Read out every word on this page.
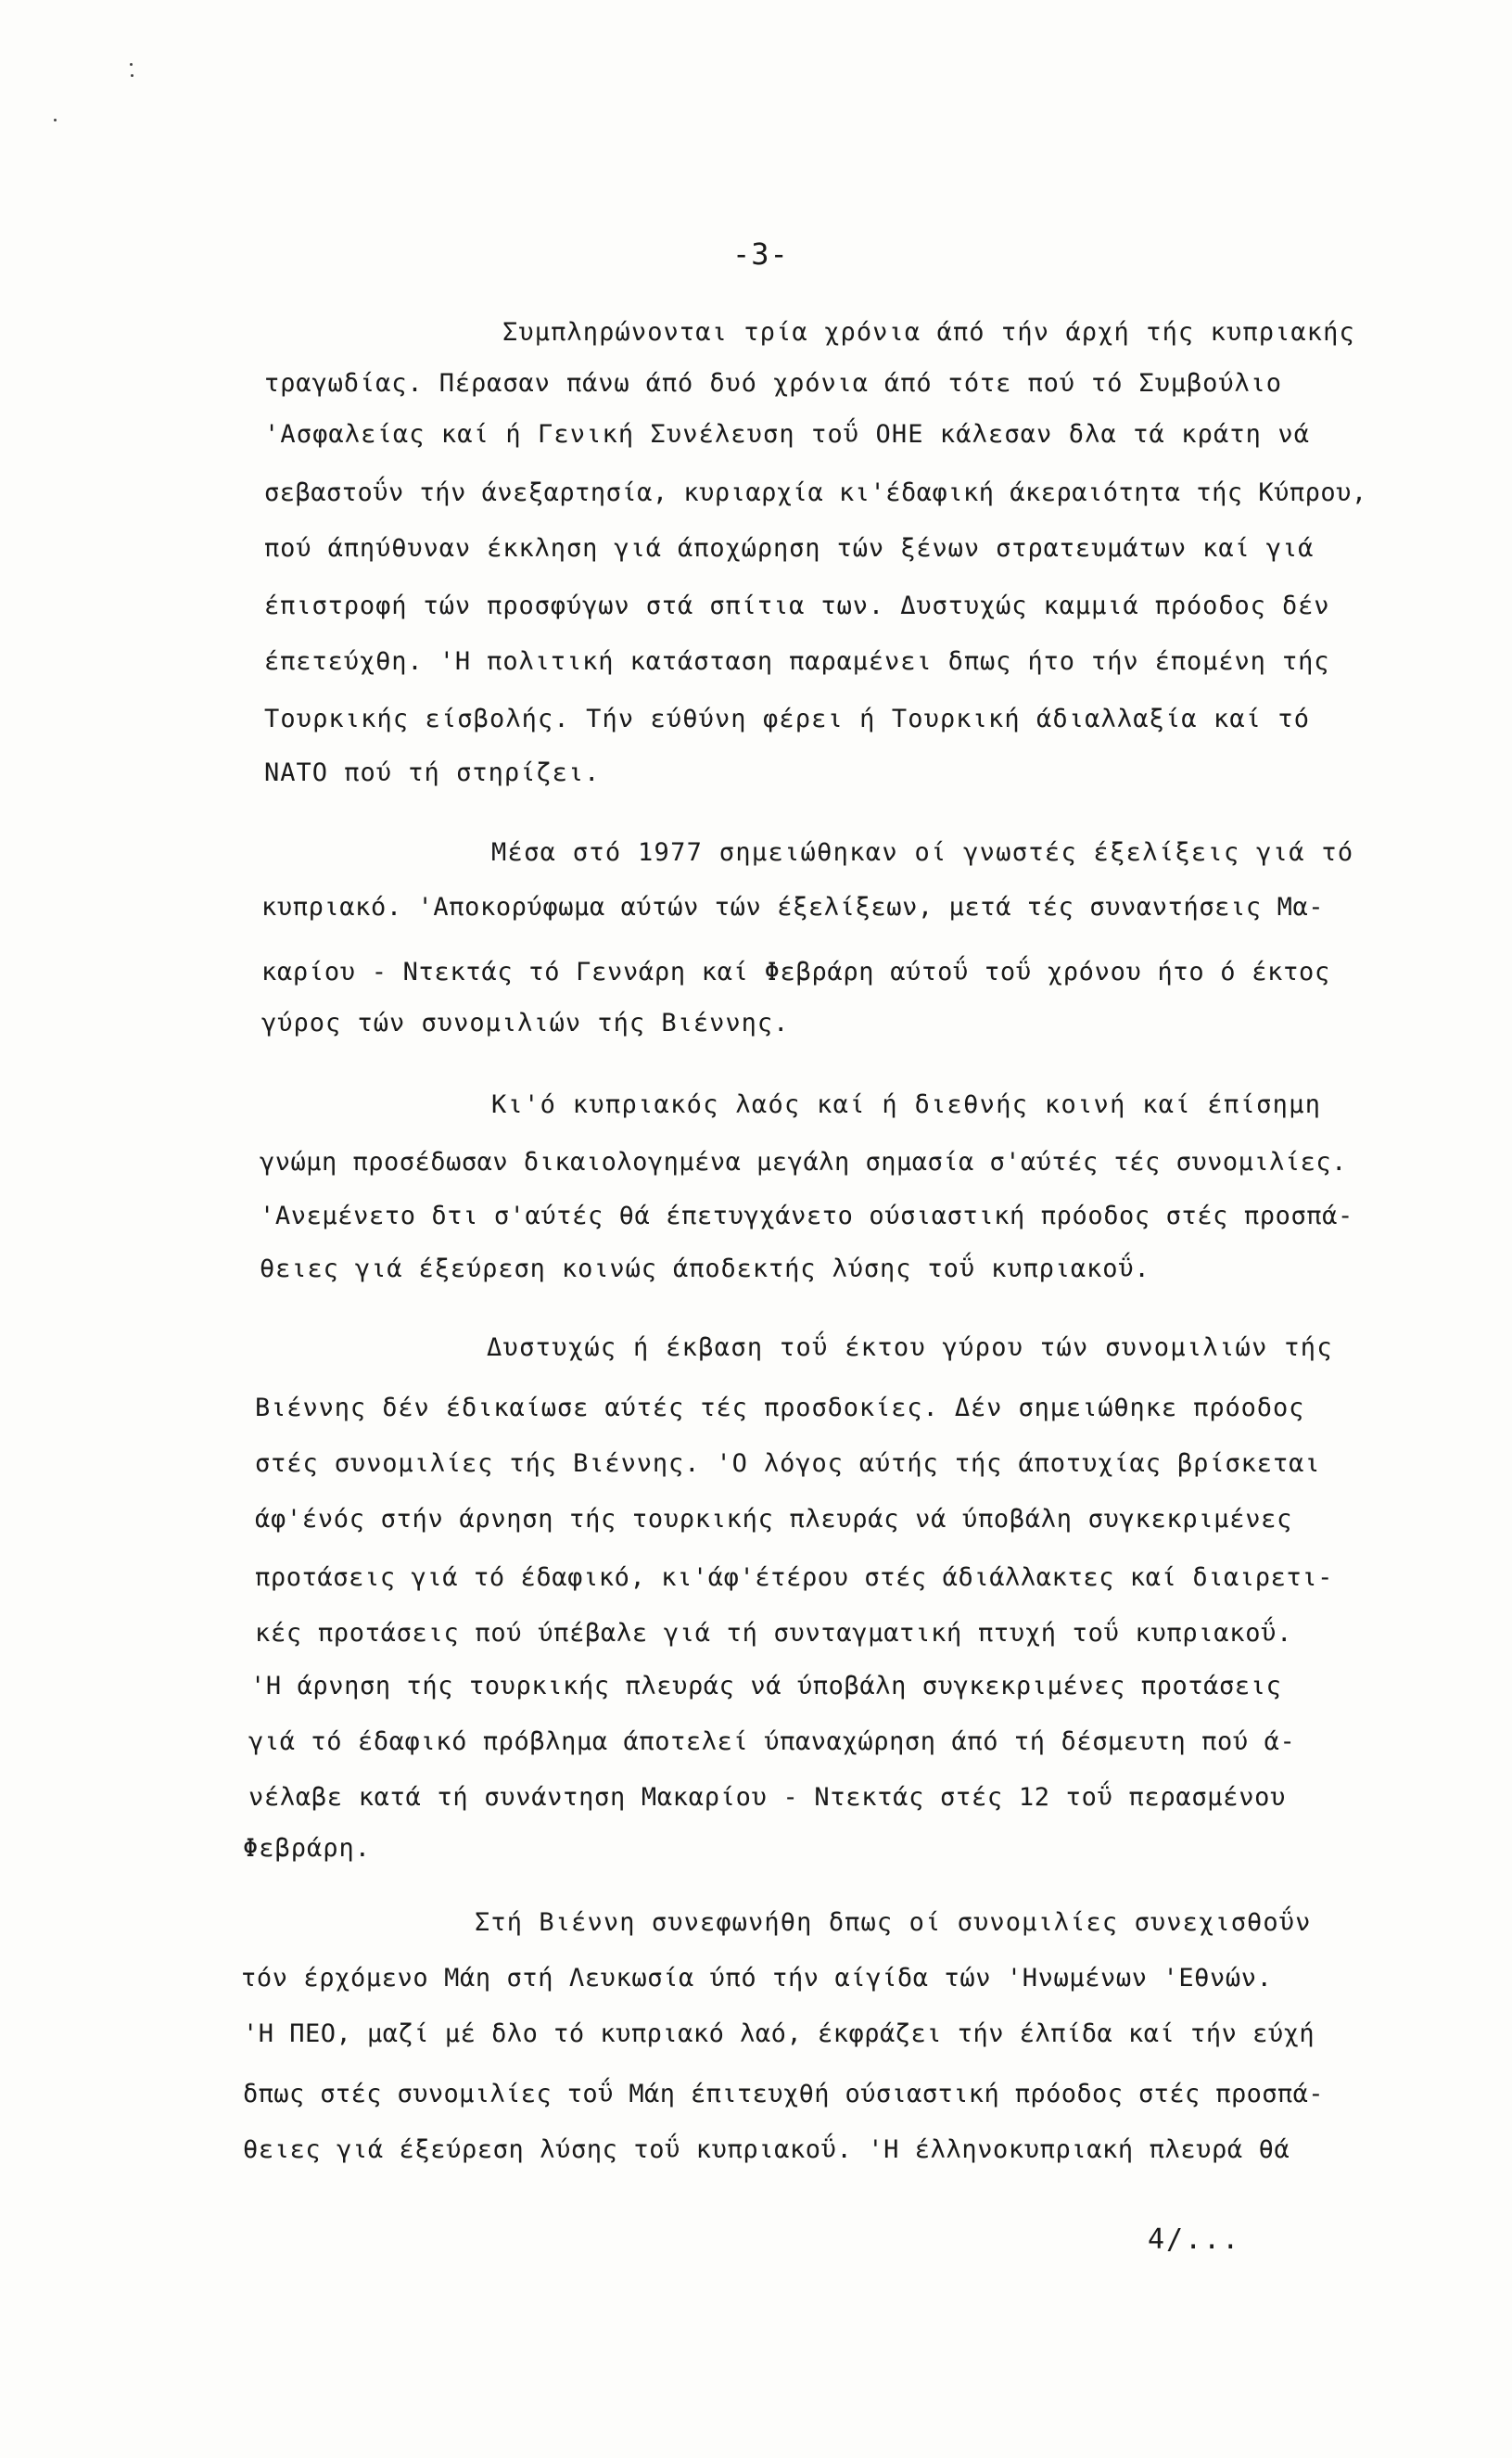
-3-
Συμπληρώνονται τρία χρόνια άπό τήν άρχή τής κυπριακής
τραγωδίας. Πέρασαν πάνω άπό δυό χρόνια άπό τότε πού τό Συμβούλιο
'Ασφαλείας καί ή Γενική Συνέλευση τοΰ ΟΗΕ κάλεσαν δλα τά κράτη νά
σεβαστοΰν τήν άνεξαρτησία, κυριαρχία κι'έδαφική άκεραιότητα τής Κύπρου,
πού άπηύθυναν έκκληση γιά άποχώρηση τών ξένων στρατευμάτων καί γιά
έπιστροφή τών προσφύγων στά σπίτια των. Δυστυχώς καμμιά πρόοδος δέν
έπετεύχθη. 'Η πολιτική κατάσταση παραμένει δπως ήτο τήν έπομένη τής
Τουρκικής είσβολής. Τήν εύθύνη φέρει ή Τουρκική άδιαλλαξία καί τό
ΝΑΤΟ πού τή στηρίζει.
Μέσα στό 1977 σημειώθηκαν οί γνωστές έξελίξεις γιά τό
κυπριακό. 'Αποκορύφωμα αύτών τών έξελίξεων, μετά τές συναντήσεις Μα-
καρίου - Ντεκτάς τό Γεννάρη καί Φεβράρη αύτοΰ τοΰ χρόνου ήτο ό έκτος
γύρος τών συνομιλιών τής Βιέννης.
Κι'ό κυπριακός λαός καί ή διεθνής κοινή καί έπίσημη
γνώμη προσέδωσαν δικαιολογημένα μεγάλη σημασία σ'αύτές τές συνομιλίες.
'Ανεμένετο δτι σ'αύτές θά έπετυγχάνετο ούσιαστική πρόοδος στές προσπά-
θειες γιά έξεύρεση κοινώς άποδεκτής λύσης τοΰ κυπριακοΰ.
Δυστυχώς ή έκβαση τοΰ έκτου γύρου τών συνομιλιών τής
Βιέννης δέν έδικαίωσε αύτές τές προσδοκίες. Δέν σημειώθηκε πρόοδος
στές συνομιλίες τής Βιέννης. 'Ο λόγος αύτής τής άποτυχίας βρίσκεται
άφ'ένός στήν άρνηση τής τουρκικής πλευράς νά ύποβάλη συγκεκριμένες
προτάσεις γιά τό έδαφικό, κι'άφ'έτέρου στές άδιάλλακτες καί διαιρετι-
κές προτάσεις πού ύπέβαλε γιά τή συνταγματική πτυχή τοΰ κυπριακοΰ.
'Η άρνηση τής τουρκικής πλευράς νά ύποβάλη συγκεκριμένες προτάσεις
γιά τό έδαφικό πρόβλημα άποτελεί ύπαναχώρηση άπό τή δέσμευτη πού ά-
νέλαβε κατά τή συνάντηση Μακαρίου - Ντεκτάς στές 12 τοΰ περασμένου
Φεβράρη.
Στή Βιέννη συνεφωνήθη δπως οί συνομιλίες συνεχισθοΰν
τόν έρχόμενο Μάη στή Λευκωσία ύπό τήν αίγίδα τών 'Ηνωμένων 'Εθνών.
'Η ΠΕΟ, μαζί μέ δλο τό κυπριακό λαό, έκφράζει τήν έλπίδα καί τήν εύχή
δπως στές συνομιλίες τοΰ Μάη έπιτευχθή ούσιαστική πρόοδος στές προσπά-
θειες γιά έξεύρεση λύσης τοΰ κυπριακοΰ. 'Η έλληνοκυπριακή πλευρά θά
4/...
